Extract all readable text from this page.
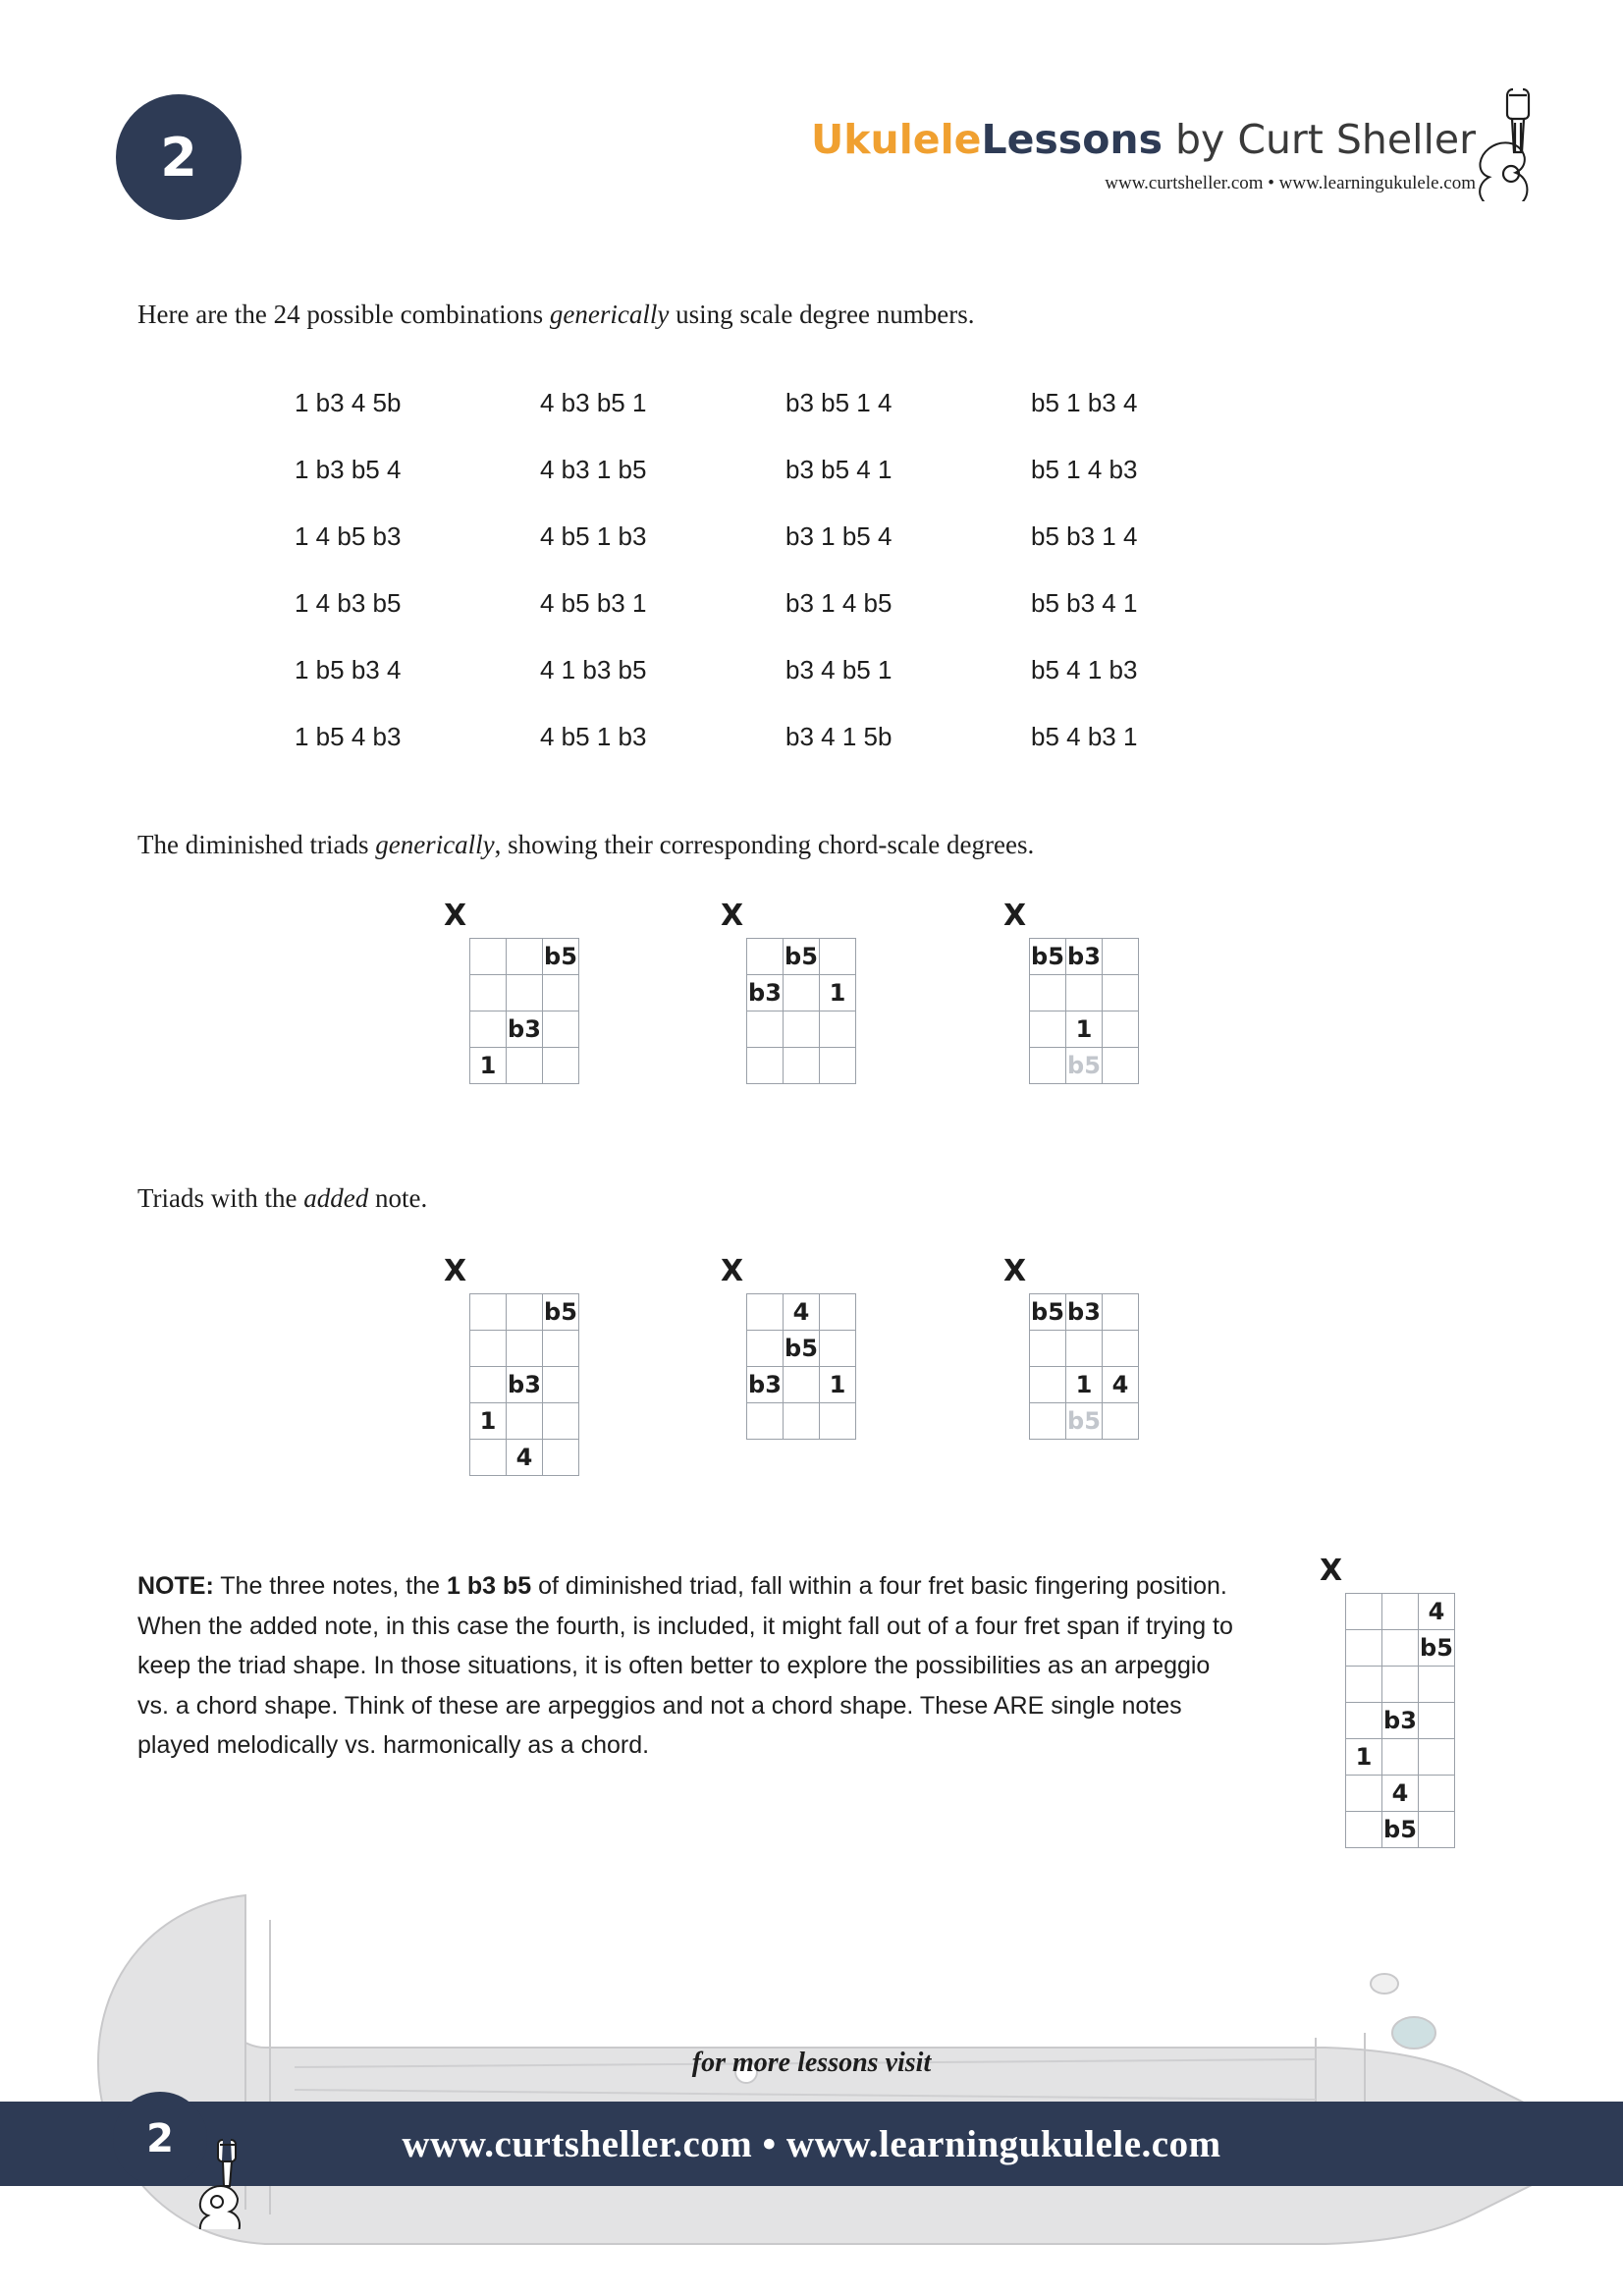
2	UkuleleLessons by Curt Sheller
www.curtsheller.com • www.learningukulele.com
Here are the 24 possible combinations generically using scale degree numbers.
1 b3 4 5b	4 b3 b5 1	b3 b5 1 4	b5 1 b3 4
1 b3 b5 4	4 b3 1 b5	b3 b5 4 1	b5 1 4 b3
1 4 b5 b3	4 b5 1 b3	b3 1 b5 4	b5 b3 1 4
1 4 b3 b5	4 b5 b3 1	b3 1 4 b5	b5 b3 4 1
1 b5 b3 4	4 1 b3 b5	b3 4 b5 1	b5 4 1 b3
1 b5 4 b3	4 b5 1 b3	b3 4 1 5b	b5 4 b3 1
The diminished triads generically, showing their corresponding chord-scale degrees.
X
		b5

	b3	
1		
X
	b5	
b3		1

X
b5	b3	

	1	
	b5	
Triads with the added note.
X
		b5

	b3	
1		
	4	
X
	4	
	b5	
b3		1

X
b5	b3	

	1	4
	b5	
X
		4
		b5

	b3	
1		
	4	
	b5	
NOTE: The three notes, the 1 b3 b5 of diminished triad, fall within a four fret basic fingering position. When the added note, in this case the fourth, is included, it might fall out of a four fret span if trying to keep the triad shape. In those situations, it is often better to explore the possibilities as an arpeggio vs. a chord shape. Think of these are arpeggios and not a chord shape. These ARE single notes played melodically vs. harmonically as a chord.
for more lessons visit
www.curtsheller.com • www.learningukulele.com
2
